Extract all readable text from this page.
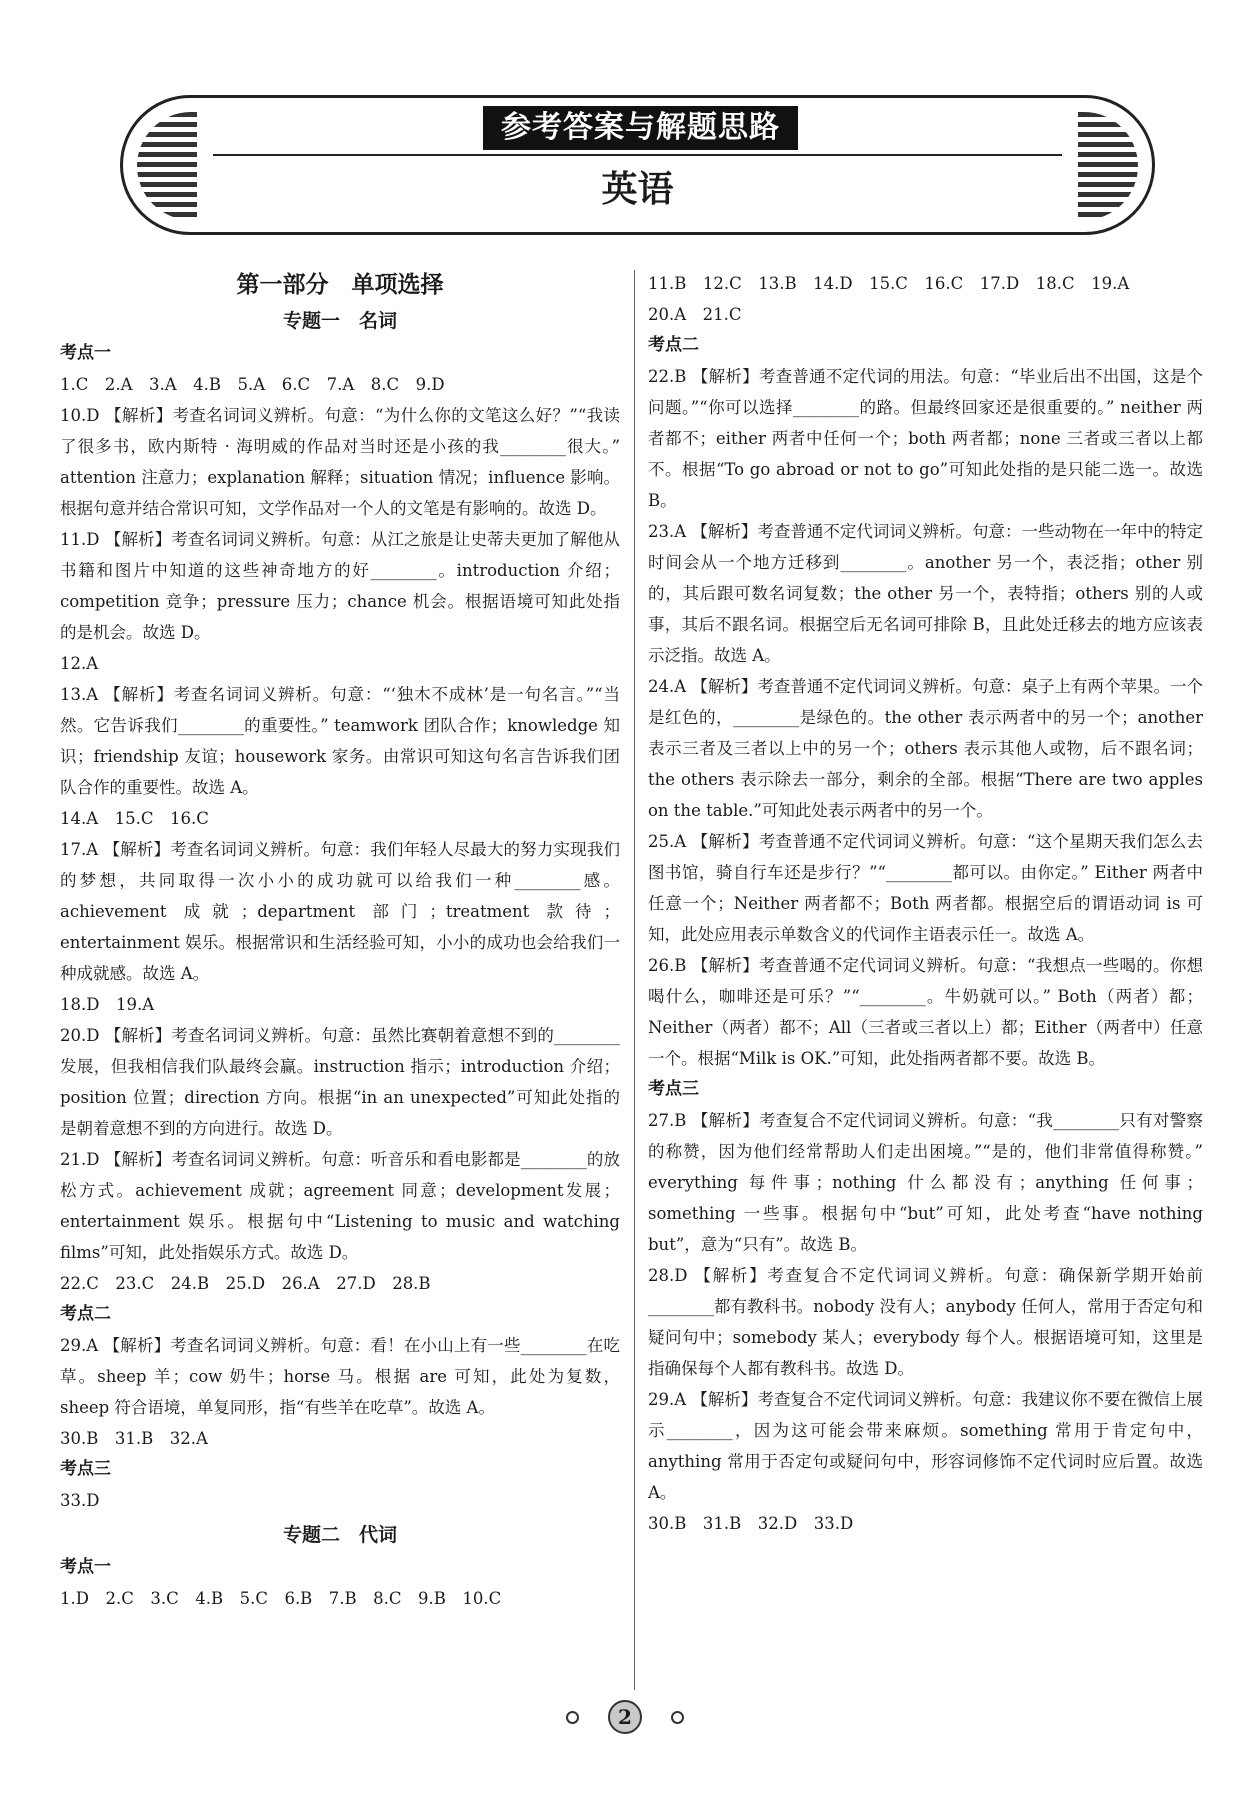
参考答案与解题思路
英语
第一部分　单项选择
专题一　名词
考点一
1.C　2.A　3.A　4.B　5.A　6.C　7.A　8.C　9.D
10.D 【解析】考查名词词义辨析。句意：“为什么你的文笔这么好？”“我读了很多书，欧内斯特 · 海明威的作品对当时还是小孩的我________很大。” attention 注意力；explanation 解释；situation 情况；influence 影响。根据句意并结合常识可知，文学作品对一个人的文笔是有影响的。故选 D。
11.D 【解析】考查名词词义辨析。句意：从江之旅是让史蒂夫更加了解他从书籍和图片中知道的这些神奇地方的好________。introduction 介绍；competition 竞争；pressure 压力；chance 机会。根据语境可知此处指的是机会。故选 D。
12.A
13.A 【解析】考查名词词义辨析。句意：“‘独木不成林’是一句名言。”“当然。它告诉我们________的重要性。” teamwork 团队合作；knowledge 知识；friendship 友谊；housework 家务。由常识可知这句名言告诉我们团队合作的重要性。故选 A。
14.A　15.C　16.C
17.A 【解析】考查名词词义辨析。句意：我们年轻人尽最大的努力实现我们的梦想，共同取得一次小小的成功就可以给我们一种________感。achievement 成就；department 部门；treatment 款待；entertainment 娱乐。根据常识和生活经验可知，小小的成功也会给我们一种成就感。故选 A。
18.D　19.A
20.D 【解析】考查名词词义辨析。句意：虽然比赛朝着意想不到的________发展，但我相信我们队最终会赢。instruction 指示；introduction 介绍；position 位置；direction 方向。根据“in an unexpected”可知此处指的是朝着意想不到的方向进行。故选 D。
21.D 【解析】考查名词词义辨析。句意：听音乐和看电影都是________的放松方式。achievement 成就；agreement 同意；development发展；entertainment 娱乐。根据句中“Listening to music and watching films”可知，此处指娱乐方式。故选 D。
22.C　23.C　24.B　25.D　26.A　27.D　28.B
考点二
29.A 【解析】考查名词词义辨析。句意：看！在小山上有一些________在吃草。sheep 羊；cow 奶牛；horse 马。根据 are 可知，此处为复数，sheep 符合语境，单复同形，指“有些羊在吃草”。故选 A。
30.B　31.B　32.A
考点三
33.D
专题二　代词
考点一
1.D　2.C　3.C　4.B　5.C　6.B　7.B　8.C　9.B　10.C
11.B　12.C　13.B　14.D　15.C　16.C　17.D　18.C　19.A
20.A　21.C
考点二
22.B 【解析】考查普通不定代词的用法。句意：“毕业后出不出国，这是个问题。”“你可以选择________的路。但最终回家还是很重要的。” neither 两者都不；either 两者中任何一个；both 两者都；none 三者或三者以上都不。根据“To go abroad or not to go”可知此处指的是只能二选一。故选 B。
23.A 【解析】考查普通不定代词词义辨析。句意：一些动物在一年中的特定时间会从一个地方迁移到________。another 另一个，表泛指；other 别的，其后跟可数名词复数；the other 另一个，表特指；others 别的人或事，其后不跟名词。根据空后无名词可排除 B，且此处迁移去的地方应该表示泛指。故选 A。
24.A 【解析】考查普通不定代词词义辨析。句意：桌子上有两个苹果。一个是红色的，________是绿色的。the other 表示两者中的另一个；another 表示三者及三者以上中的另一个；others 表示其他人或物，后不跟名词；the others 表示除去一部分，剩余的全部。根据“There are two apples on the table.”可知此处表示两者中的另一个。
25.A 【解析】考查普通不定代词词义辨析。句意：“这个星期天我们怎么去图书馆，骑自行车还是步行？”“________都可以。由你定。” Either 两者中任意一个；Neither 两者都不；Both 两者都。根据空后的谓语动词 is 可知，此处应用表示单数含义的代词作主语表示任一。故选 A。
26.B 【解析】考查普通不定代词词义辨析。句意：“我想点一些喝的。你想喝什么，咖啡还是可乐？”“________。牛奶就可以。” Both（两者）都；Neither（两者）都不；All（三者或三者以上）都；Either（两者中）任意一个。根据“Milk is OK.”可知，此处指两者都不要。故选 B。
考点三
27.B 【解析】考查复合不定代词词义辨析。句意：“我________只有对警察的称赞，因为他们经常帮助人们走出困境。”“是的，他们非常值得称赞。” everything 每件事；nothing 什么都没有；anything 任何事；something 一些事。根据句中“but”可知，此处考查“have nothing but”，意为“只有”。故选 B。
28.D 【解析】考查复合不定代词词义辨析。句意：确保新学期开始前________都有教科书。nobody 没有人；anybody 任何人，常用于否定句和疑问句中；somebody 某人；everybody 每个人。根据语境可知，这里是指确保每个人都有教科书。故选 D。
29.A 【解析】考查复合不定代词词义辨析。句意：我建议你不要在微信上展示________，因为这可能会带来麻烦。something 常用于肯定句中，anything 常用于否定句或疑问句中，形容词修饰不定代词时应后置。故选 A。
30.B　31.B　32.D　33.D
2
